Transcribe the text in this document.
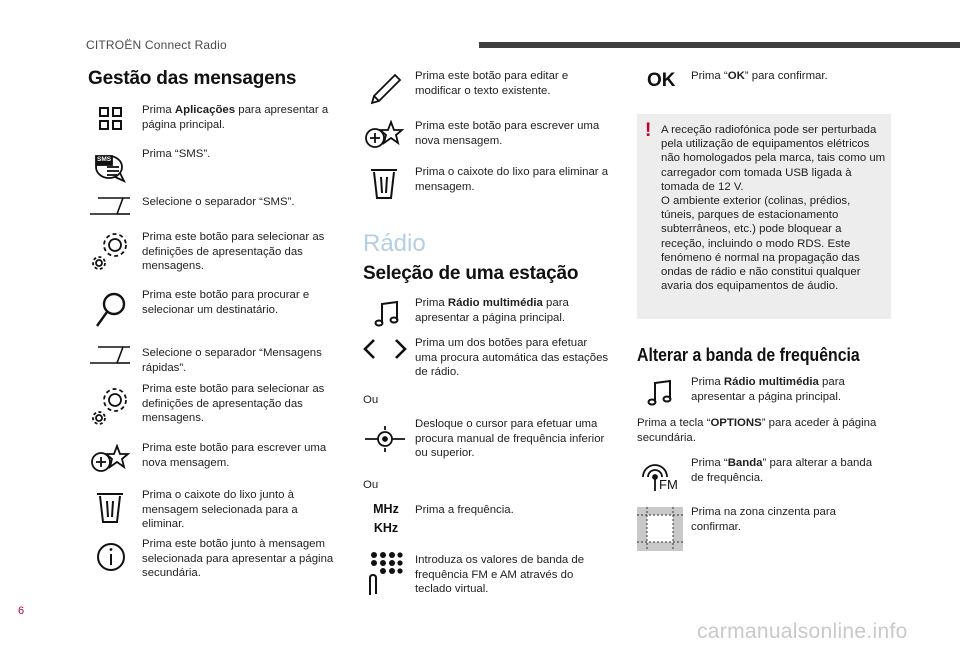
CITROËN Connect Radio
6
carmanualsonline.info
Gestão das mensagens
Prima Aplicações para apresentar a página principal.
SMS	Prima “SMS”.
Selecione o separador “SMS”.
Prima este botão para selecionar as definições de apresentação das mensagens.
Prima este botão para procurar e selecionar um destinatário.
Selecione o separador “Mensagens rápidas”.
Prima este botão para selecionar as definições de apresentação das mensagens.
Prima este botão para escrever uma nova mensagem.
Prima o caixote do lixo junto à mensagem selecionada para a eliminar.
Prima este botão junto à mensagem selecionada para apresentar a página secundária.
Prima este botão para editar e modificar o texto existente.
Prima este botão para escrever uma nova mensagem.
Prima o caixote do lixo para eliminar a mensagem.
Rádio
Seleção de uma estação
Prima Rádio multimédia para apresentar a página principal.
Prima um dos botões para efetuar uma procura automática das estações de rádio.
Ou
Desloque o cursor para efetuar uma procura manual de frequência inferior ou superior.
Ou
MHz
KHz
Prima a frequência.
Introduza os valores de banda de frequência FM e AM através do teclado virtual.
OK Prima “OK” para confirmar.
! A receção radiofónica pode ser perturbada pela utilização de equipamentos elétricos não homologados pela marca, tais como um carregador com tomada USB ligada à tomada de 12 V.
O ambiente exterior (colinas, prédios, túneis, parques de estacionamento subterrâneos, etc.) pode bloquear a receção, incluindo o modo RDS. Este fenómeno é normal na propagação das ondas de rádio e não constitui qualquer avaria dos equipamentos de áudio.
Alterar a banda de frequência
Prima Rádio multimédia para apresentar a página principal.
Prima a tecla “OPTIONS” para aceder à página secundária.
FM
Prima “Banda” para alterar a banda de frequência.
Prima na zona cinzenta para confirmar.
